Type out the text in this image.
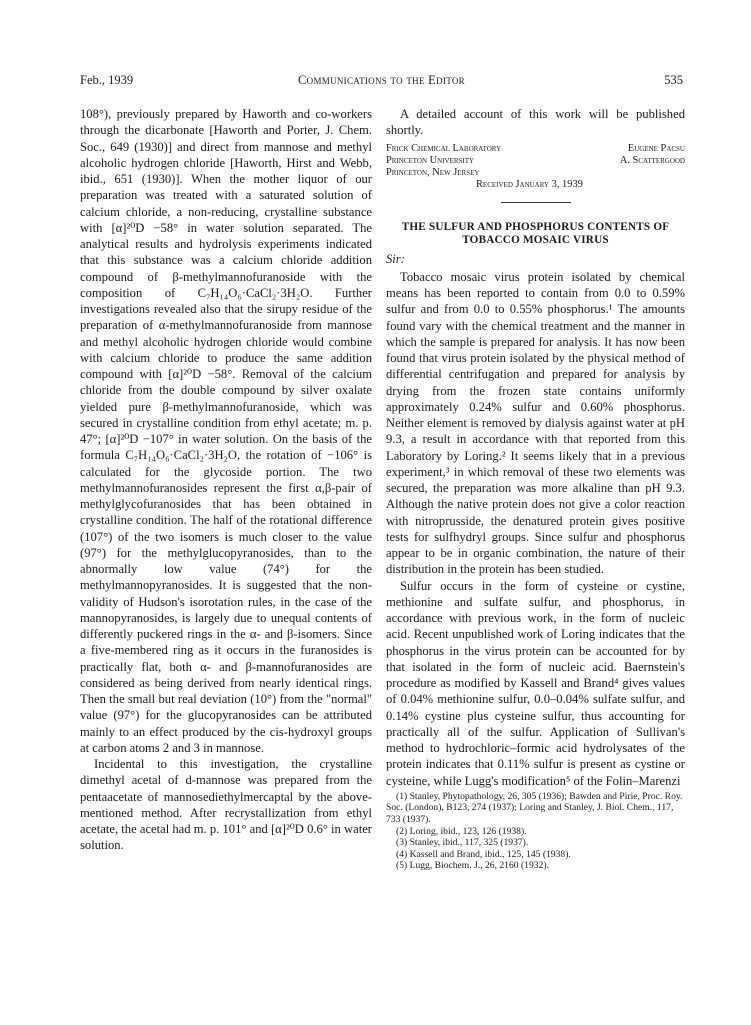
Feb., 1939	Communications to the Editor	535

108°), previously prepared by Haworth and co-workers through the dicarbonate [Haworth and Porter, J. Chem. Soc., 649 (1930)] and direct from mannose and methyl alcoholic hydrogen chloride [Haworth, Hirst and Webb, ibid., 651 (1930)]. When the mother liquor of our preparation was treated with a saturated solution of calcium chloride, a non-reducing, crystalline substance with [α]²⁰D −58° in water solution separated. The analytical results and hydrolysis experiments indicated that this substance was a calcium chloride addition compound of β-methylmannofuranoside with the composition of C₇H₁₄O₆·CaCl₂·3H₂O. Further investigations revealed also that the sirupy residue of the preparation of α-methylmannofuranoside from mannose and methyl alcoholic hydrogen chloride would combine with calcium chloride to produce the same addition compound with [α]²⁰D −58°. Removal of the calcium chloride from the double compound by silver oxalate yielded pure β-methylmannofuranoside, which was secured in crystalline condition from ethyl acetate; m. p. 47°; [α]²⁰D −107° in water solution. On the basis of the formula C₇H₁₄O₆·CaCl₂·3H₂O, the rotation of −106° is calculated for the glycoside portion. The two methylmannofuranosides represent the first α,β-pair of methylglycofuranosides that has been obtained in crystalline condition. The half of the rotational difference (107°) of the two isomers is much closer to the value (97°) for the methylglucopyranosides, than to the abnormally low value (74°) for the methylmannopyranosides. It is suggested that the non-validity of Hudson's isorotation rules, in the case of the mannopyranosides, is largely due to unequal contents of differently puckered rings in the α- and β-isomers. Since a five-membered ring as it occurs in the furanosides is practically flat, both α- and β-mannofuranosides are considered as being derived from nearly identical rings. Then the small but real deviation (10°) from the "normal" value (97°) for the glucopyranosides can be attributed mainly to an effect produced by the cis-hydroxyl groups at carbon atoms 2 and 3 in mannose.

Incidental to this investigation, the crystalline dimethyl acetal of d-mannose was prepared from the pentaacetate of mannosediethylmercaptal by the above-mentioned method. After recrystallization from ethyl acetate, the acetal had m. p. 101° and [α]²⁰D 0.6° in water solution.

A detailed account of this work will be published shortly.

Frick Chemical Laboratory	Eugene Pacsu
Princeton University	A. Scattergood
Princeton, New Jersey
Received January 3, 1939
THE SULFUR AND PHOSPHORUS CONTENTS OF TOBACCO MOSAIC VIRUS
Sir:

Tobacco mosaic virus protein isolated by chemical means has been reported to contain from 0.0 to 0.59% sulfur and from 0.0 to 0.55% phosphorus.¹ The amounts found vary with the chemical treatment and the manner in which the sample is prepared for analysis. It has now been found that virus protein isolated by the physical method of differential centrifugation and prepared for analysis by drying from the frozen state contains uniformly approximately 0.24% sulfur and 0.60% phosphorus. Neither element is removed by dialysis against water at pH 9.3, a result in accordance with that reported from this Laboratory by Loring.² It seems likely that in a previous experiment,³ in which removal of these two elements was secured, the preparation was more alkaline than pH 9.3. Although the native protein does not give a color reaction with nitroprusside, the denatured protein gives positive tests for sulfhydryl groups. Since sulfur and phosphorus appear to be in organic combination, the nature of their distribution in the protein has been studied.

Sulfur occurs in the form of cysteine or cystine, methionine and sulfate sulfur, and phosphorus, in accordance with previous work, in the form of nucleic acid. Recent unpublished work of Loring indicates that the phosphorus in the virus protein can be accounted for by that isolated in the form of nucleic acid. Baernstein's procedure as modified by Kassell and Brand⁴ gives values of 0.04% methionine sulfur, 0.0–0.04% sulfate sulfur, and 0.14% cystine plus cysteine sulfur, thus accounting for practically all of the sulfur. Application of Sullivan's method to hydrochloric–formic acid hydrolysates of the protein indicates that 0.11% sulfur is present as cystine or cysteine, while Lugg's modification⁵ of the Folin–Marenzi

(1) Stanley, Phytopathology, 26, 305 (1936); Bawden and Pirie, Proc. Roy. Soc. (London), B123, 274 (1937); Loring and Stanley, J. Biol. Chem., 117, 733 (1937).
(2) Loring, ibid., 123, 126 (1938).
(3) Stanley, ibid., 117, 325 (1937).
(4) Kassell and Brand, ibid., 125, 145 (1938).
(5) Lugg, Biochem. J., 26, 2160 (1932).
